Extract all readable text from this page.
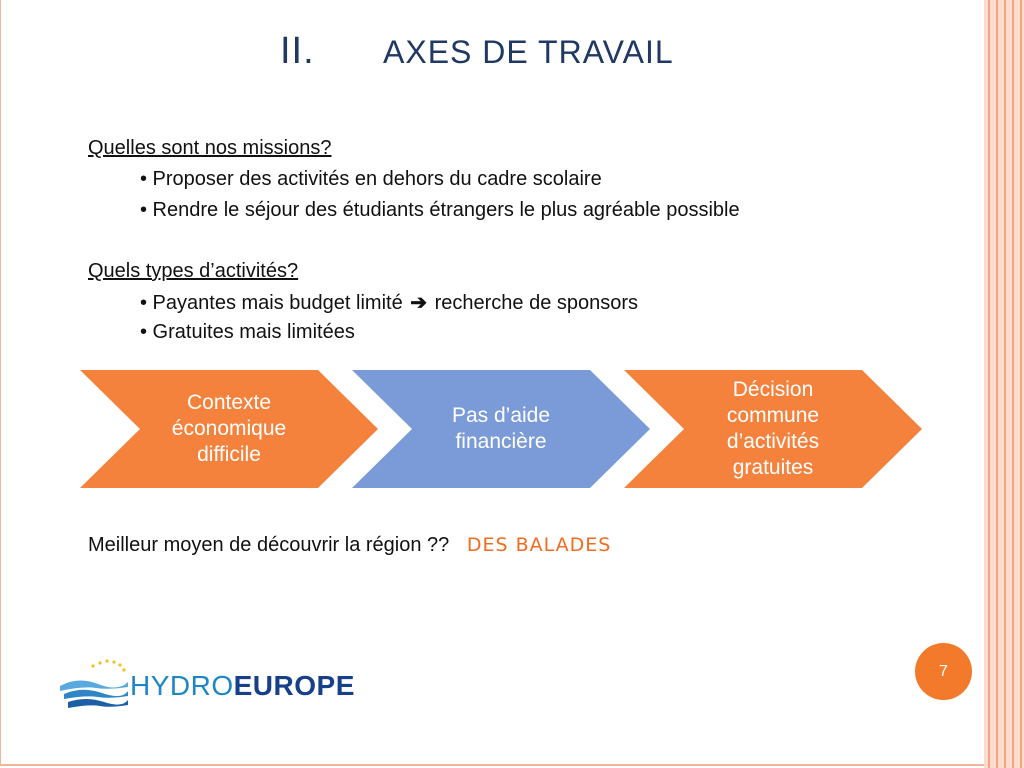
II. AXES DE TRAVAIL
Quelles sont nos missions?
• Proposer des activités en dehors du cadre scolaire
• Rendre le séjour des étudiants étrangers le plus agréable possible
Quels types d’activités?
• Payantes mais budget limité ➔ recherche de sponsors
• Gratuites mais limitées
Contexte économique difficile
Pas d’aide financière
Décision commune d’activités gratuites
Meilleur moyen de découvrir la région ?? DES BALADES
HYDROEUROPE	7
